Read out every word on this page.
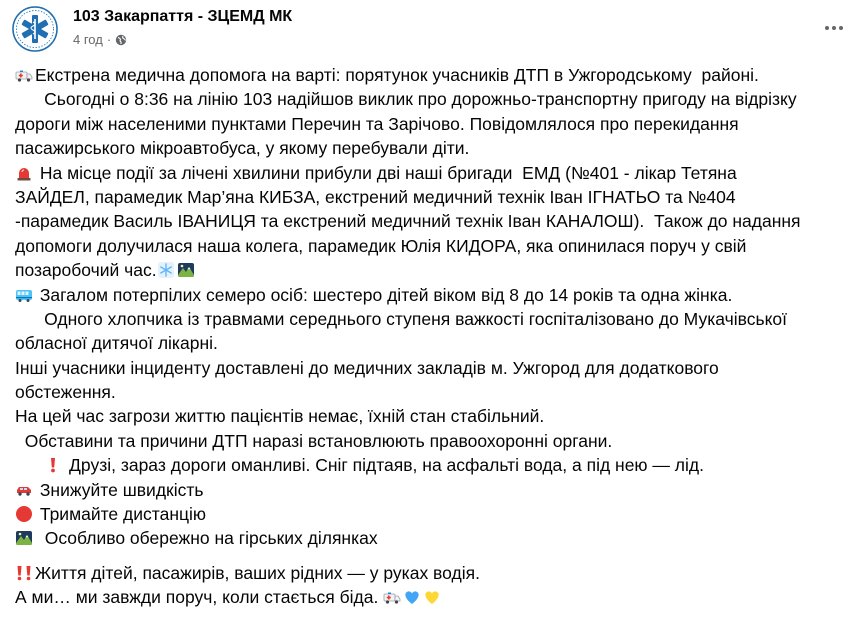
103 Закарпаття - ЗЦЕМД МК
4 год ·
Екстрена медична допомога на варті: порятунок учасників ДТП в Ужгородському  районі.
Сьогодні о 8:36 на лінію 103 надійшов виклик про дорожньо-транспортну пригоду на відрізку
дороги між населеними пунктами Перечин та Зарічово. Повідомлялося про перекидання
пасажирського мікроавтобуса, у якому перебували діти.
На місце події за лічені хвилини прибули дві наші бригади  ЕМД (№401 - лікар Тетяна
ЗАЙДЕЛ, парамедик Мар’яна КИБЗА, екстрений медичний технік Іван ІГНАТЬО та №404
-парамедик Василь ІВАНИЦЯ та екстрений медичний технік Іван КАНАЛОШ).  Також до надання
допомоги долучилася наша колега, парамедик Юлія КИДОРА, яка опинилася поруч у свій
позаробочий час.
Загалом потерпілих семеро осіб: шестеро дітей віком від 8 до 14 років та одна жінка.
Одного хлопчика із травмами середнього ступеня важкості госпіталізовано до Мукачівської
обласної дитячої лікарні.
Інші учасники інциденту доставлені до медичних закладів м. Ужгород для додаткового
обстеження.
На цей час загрози життю пацієнтів немає, їхній стан стабільний.
Обставини та причини ДТП наразі встановлюють правоохоронні органи.

Друзі, зараз дороги оманливі. Сніг підтаяв, на асфальті вода, а під нею — лід.
Знижуйте швидкість
Тримайте дистанцію
Особливо обережно на гірських ділянках
Життя дітей, пасажирів, ваших рідних — у руках водія.
А ми… ми завжди поруч, коли стається біда.
